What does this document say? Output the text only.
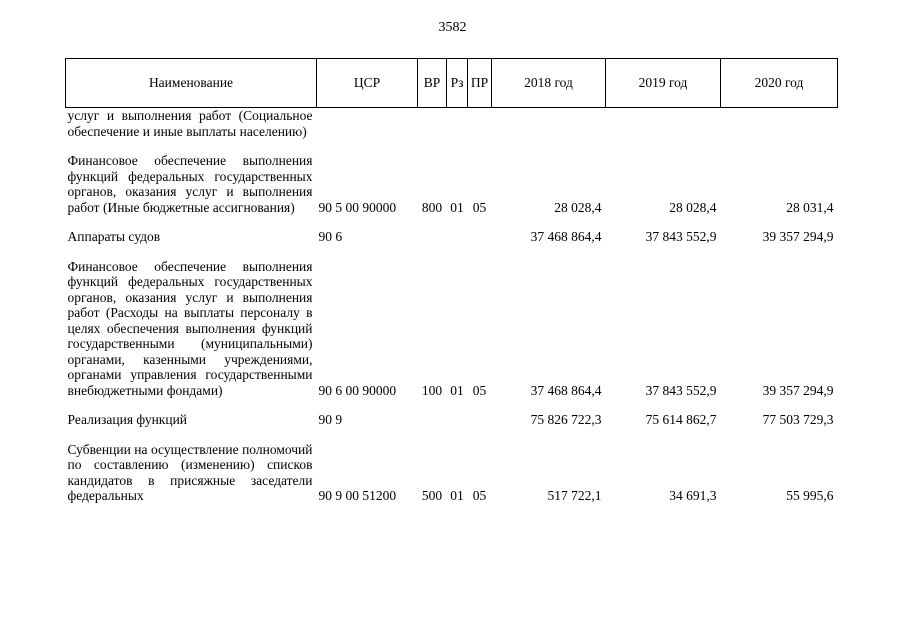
3582
Наименование	ЦСР	ВР	Рз	ПР	2018 год	2019 год	2020 год
услуг и выполнения работ (Социальное обеспечение и иные выплаты населению)							

Финансовое обеспечение выполнения функций федеральных государственных органов, оказания услуг и выполнения работ (Иные бюджетные ассигнования)	90 5 00 90000	800	01	05	28 028,4	28 028,4	28 031,4

Аппараты судов	90 6				37 468 864,4	37 843 552,9	39 357 294,9

Финансовое обеспечение выполнения функций федеральных государственных органов, оказания услуг и выполнения работ (Расходы на выплаты персоналу в целях обеспечения выполнения функций государственными (муниципальными) органами, казенными учреждениями, органами управления государственными внебюджетными фондами)	90 6 00 90000	100	01	05	37 468 864,4	37 843 552,9	39 357 294,9

Реализация функций	90 9				75 826 722,3	75 614 862,7	77 503 729,3

Субвенции на осуществление полномочий по составлению (изменению) списков кандидатов в присяжные заседатели федеральных	90 9 00 51200	500	01	05	517 722,1	34 691,3	55 995,6
